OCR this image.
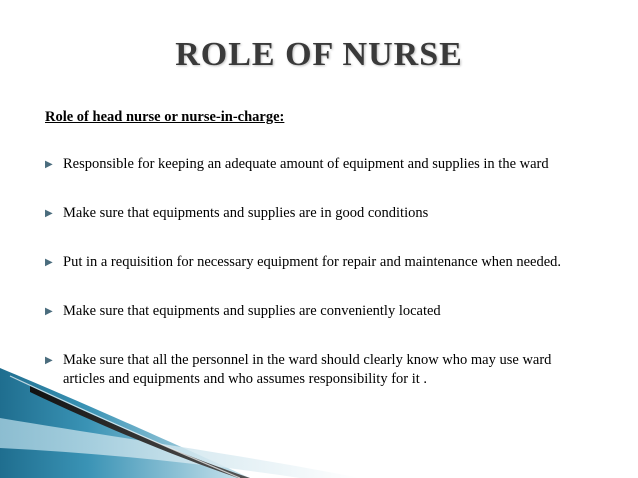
ROLE OF NURSE
Role of head nurse or nurse-in-charge:
▶ Responsible for keeping an adequate amount of equipment and supplies in the ward
▶ Make sure that equipments and supplies are in good conditions
▶ Put in a requisition for necessary equipment for repair and maintenance when needed.
▶ Make sure that equipments and supplies are conveniently located
▶ Make sure that all the personnel in the ward should clearly know who may use ward articles and equipments and who assumes responsibility for it .
